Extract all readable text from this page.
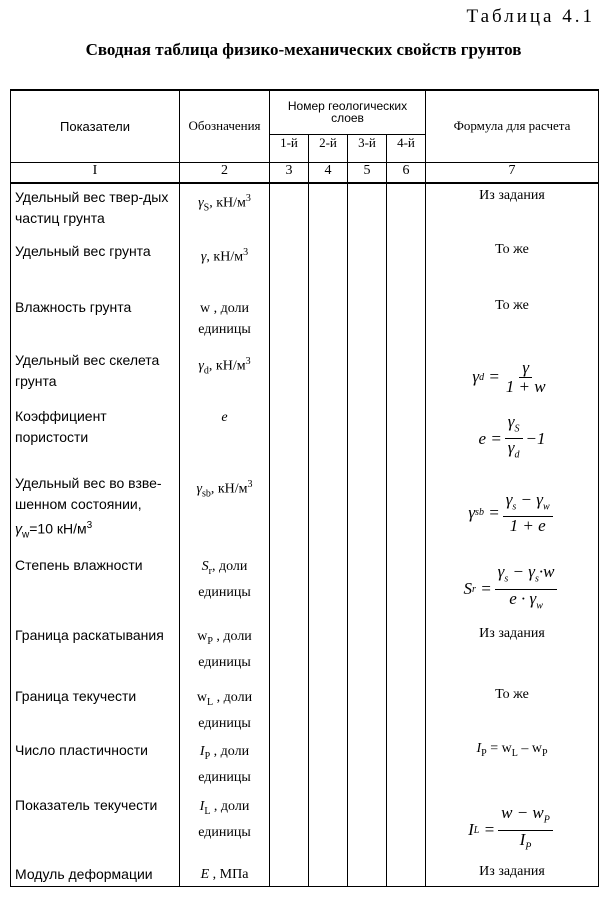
Таблица 4.1
Сводная таблица физико-механических свойств грунтов
Показатели	Обозначения	Номер геологических слоев				Формула для расчета
		1-й	2-й	3-й	4-й	
I	2	3	4	5	6	7
Удельный вес твер-дых частиц грунта	$\gamma_S$, $кН/м^3$					Из задания
Удельный вес грунта	γ, $кН/м^3$					То же
Влажность грунта	w , доли
единицы					То же
Удельный вес скелета грунта	$\gamma_d$, $кН/м^3$					γ $d = \frac{\gamma}{1 + w}$

Коэффициент пористости	e					$e = \frac{\gamma_S}{\gamma_d} -1$
Удельный вес во взве-
шенном состоянии,
$\gamma_w=10$ $кН/м^3$	$\gamma_{sb}$, $кН/м^3$					γ sb = $\frac{\gamma_s - \gamma_w}{1 + e}$

Степень влажности	$S_r$, доли
единицы					S $r = \frac{\gamma_s - \gamma_s\cdot w}{e \cdot \gamma_w}$

Граница раскатывания	$w_P$ , доли
единицы					Из задания
Граница текучести	$w_L$ , доли
единицы					То же
Число пластичности	$I_P$ , доли
единицы					$I_P = w_L - w_P$
Показатель текучести	$I_L$ , доли
единицы					I $L = \frac{w - w_P}{I_P}$

Модуль деформации	E , МПа					Из задания
